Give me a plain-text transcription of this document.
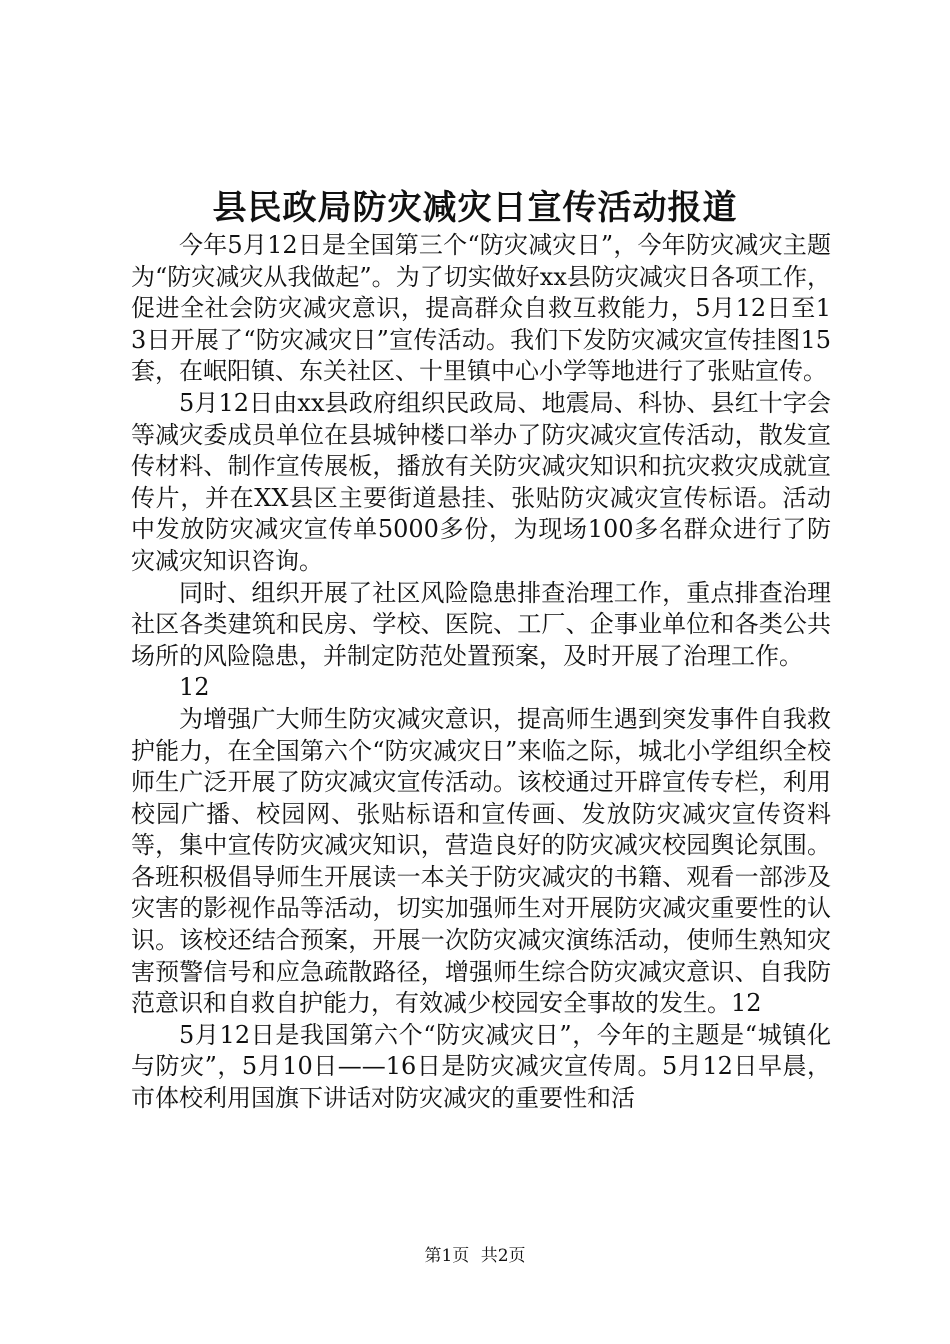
县民政局防灾减灾日宣传活动报道

今年5月12日是全国第三个“防灾减灾日”，今年防灾减灾主题为“防灾减灾从我做起”。为了切实做好xx县防灾减灾日各项工作，促进全社会防灾减灾意识，提高群众自救互救能力，5月12日至13日开展了“防灾减灾日”宣传活动。我们下发防灾减灾宣传挂图15套，在岷阳镇、东关社区、十里镇中心小学等地进行了张贴宣传。

5月12日由xx县政府组织民政局、地震局、科协、县红十字会等减灾委成员单位在县城钟楼口举办了防灾减灾宣传活动，散发宣传材料、制作宣传展板，播放有关防灾减灾知识和抗灾救灾成就宣传片，并在XX县区主要街道悬挂、张贴防灾减灾宣传标语。活动中发放防灾减灾宣传单5000多份，为现场100多名群众进行了防灾减灾知识咨询。

同时、组织开展了社区风险隐患排查治理工作，重点排查治理社区各类建筑和民房、学校、医院、工厂、企事业单位和各类公共场所的风险隐患，并制定防范处置预案，及时开展了治理工作。

12

为增强广大师生防灾减灾意识，提高师生遇到突发事件自我救护能力，在全国第六个“防灾减灾日”来临之际，城北小学组织全校师生广泛开展了防灾减灾宣传活动。该校通过开辟宣传专栏，利用校园广播、校园网、张贴标语和宣传画、发放防灾减灾宣传资料等，集中宣传防灾减灾知识，营造良好的防灾减灾校园舆论氛围。各班积极倡导师生开展读一本关于防灾减灾的书籍、观看一部涉及灾害的影视作品等活动，切实加强师生对开展防灾减灾重要性的认识。该校还结合预案，开展一次防灾减灾演练活动，使师生熟知灾害预警信号和应急疏散路径，增强师生综合防灾减灾意识、自我防范意识和自救自护能力，有效减少校园安全事故的发生。12

5月12日是我国第六个“防灾减灾日”，今年的主题是“城镇化与防灾”，5月10日——16日是防灾减灾宣传周。5月12日早晨，市体校利用国旗下讲话对防灾减灾的重要性和活

第1页 共2页
